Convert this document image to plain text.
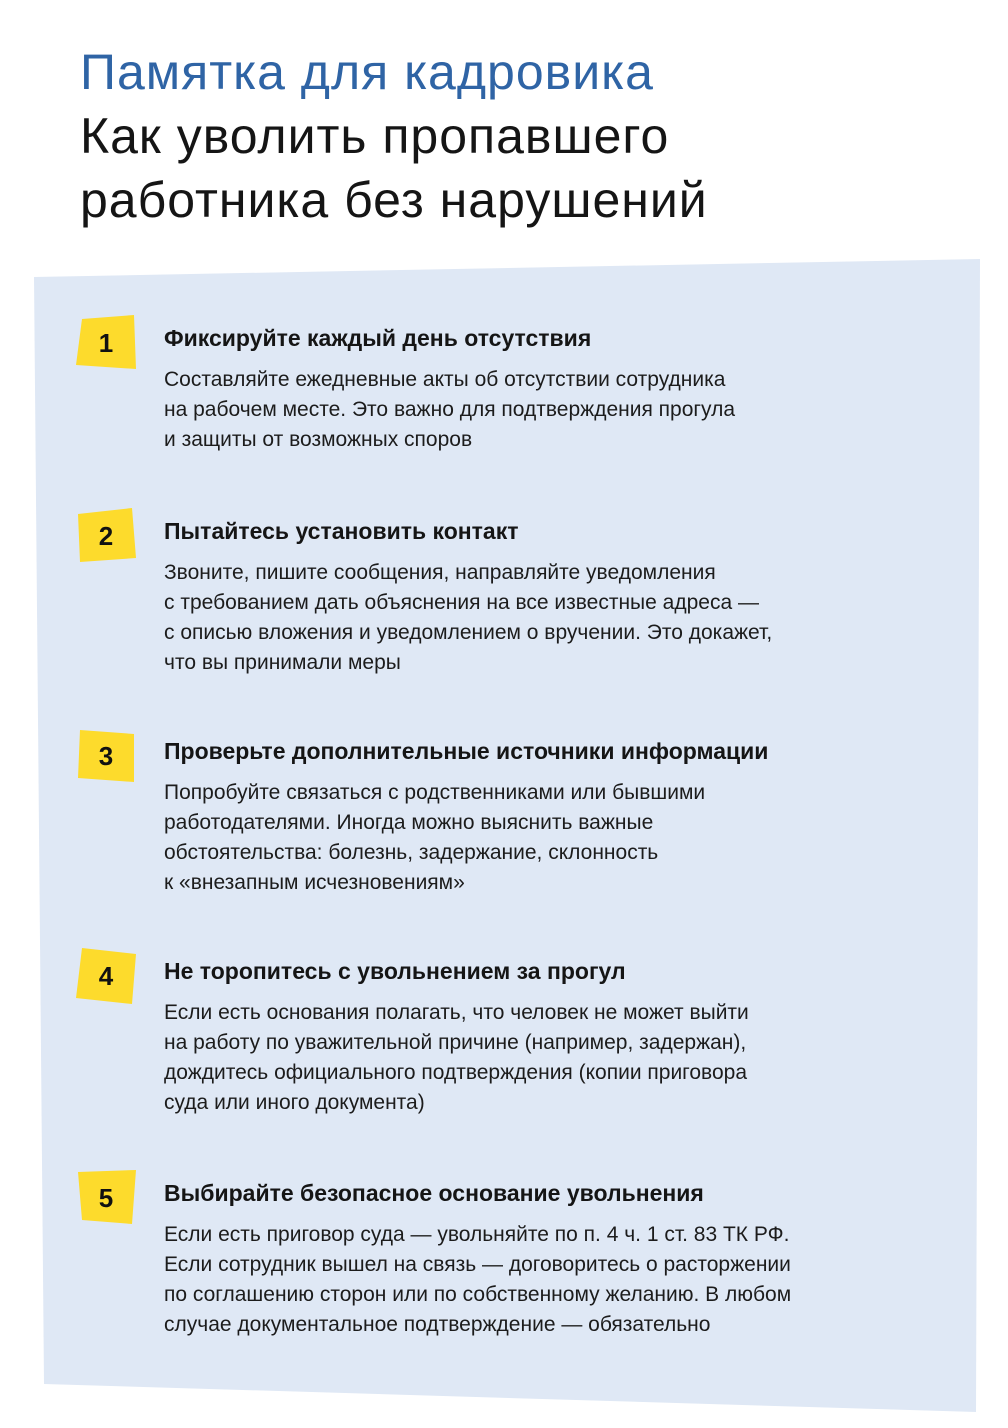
Памятка для кадровика
Как уволить пропавшего
работника без нарушений
1	Фиксируйте каждый день отсутствия
Составляйте ежедневные акты об отсутствии сотрудника
на рабочем месте. Это важно для подтверждения прогула
и защиты от возможных споров
2	Пытайтесь установить контакт
Звоните, пишите сообщения, направляйте уведомления
с требованием дать объяснения на все известные адреса —
с описью вложения и уведомлением о вручении. Это докажет,
что вы принимали меры
3	Проверьте дополнительные источники информации
Попробуйте связаться с родственниками или бывшими
работодателями. Иногда можно выяснить важные
обстоятельства: болезнь, задержание, склонность
к «внезапным исчезновениям»
4	Не торопитесь с увольнением за прогул
Если есть основания полагать, что человек не может выйти
на работу по уважительной причине (например, задержан),
дождитесь официального подтверждения (копии приговора
суда или иного документа)
5	Выбирайте безопасное основание увольнения
Если есть приговор суда — увольняйте по п. 4 ч. 1 ст. 83 ТК РФ.
Если сотрудник вышел на связь — договоритесь о расторжении
по соглашению сторон или по собственному желанию. В любом
случае документальное подтверждение — обязательно
